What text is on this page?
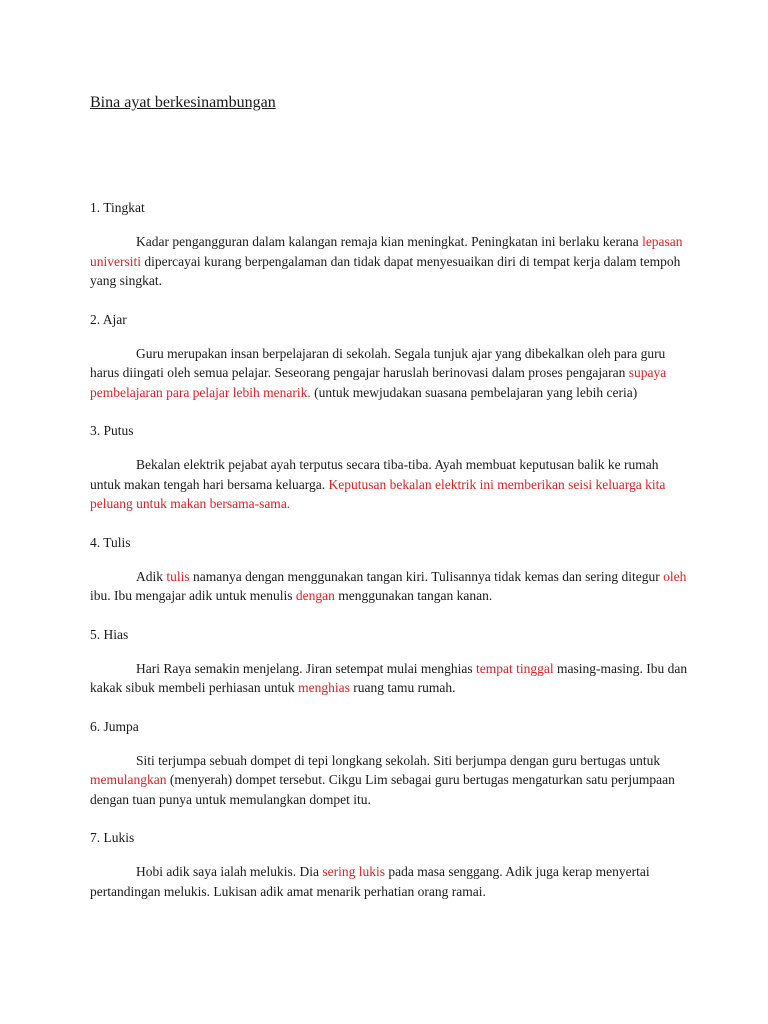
Bina ayat berkesinambungan

1. Tingkat

Kadar pengangguran dalam kalangan remaja kian meningkat. Peningkatan ini berlaku kerana lepasan universiti dipercayai kurang berpengalaman dan tidak dapat menyesuaikan diri di tempat kerja dalam tempoh yang singkat.

2. Ajar

Guru merupakan insan berpelajaran di sekolah. Segala tunjuk ajar yang dibekalkan oleh para guru harus diingati oleh semua pelajar. Seseorang pengajar haruslah berinovasi dalam proses pengajaran supaya pembelajaran para pelajar lebih menarik. (untuk mewjudakan suasana pembelajaran yang lebih ceria)

3. Putus

Bekalan elektrik pejabat ayah terputus secara tiba-tiba. Ayah membuat keputusan balik ke rumah untuk makan tengah hari bersama keluarga. Keputusan bekalan elektrik ini memberikan seisi keluarga kita peluang untuk makan bersama-sama.

4. Tulis

Adik tulis namanya dengan menggunakan tangan kiri. Tulisannya tidak kemas dan sering ditegur oleh ibu. Ibu mengajar adik untuk menulis dengan menggunakan tangan kanan.

5. Hias

Hari Raya semakin menjelang. Jiran setempat mulai menghias tempat tinggal masing-masing. Ibu dan kakak sibuk membeli perhiasan untuk menghias ruang tamu rumah.

6. Jumpa

Siti terjumpa sebuah dompet di tepi longkang sekolah. Siti berjumpa dengan guru bertugas untuk memulangkan (menyerah) dompet tersebut. Cikgu Lim sebagai guru bertugas mengaturkan satu perjumpaan dengan tuan punya untuk memulangkan dompet itu.

7. Lukis

Hobi adik saya ialah melukis. Dia sering lukis pada masa senggang. Adik juga kerap menyertai pertandingan melukis. Lukisan adik amat menarik perhatian orang ramai.
